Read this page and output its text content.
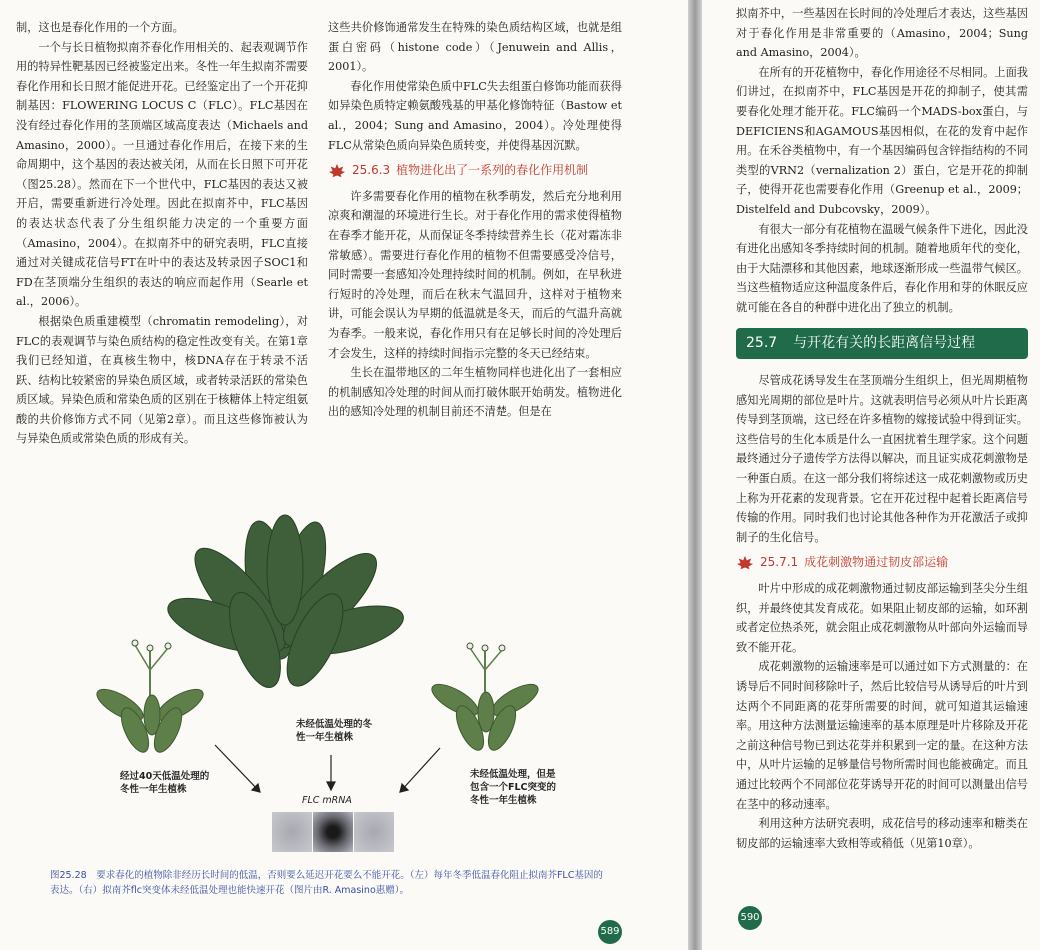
制，这也是春化作用的一个方面。

一个与长日植物拟南芥春化作用相关的、起表观调节作用的特异性靶基因已经被鉴定出来。冬性一年生拟南芥需要春化作用和长日照才能促进开花。已经鉴定出了一个开花抑制基因：FLOWERING LOCUS C（FLC）。FLC基因在没有经过春化作用的茎顶端区域高度表达（Michaels and Amasino，2000）。一旦通过春化作用后，在接下来的生命周期中，这个基因的表达被关闭，从而在长日照下可开花（图25.28）。然而在下一个世代中，FLC基因的表达又被开启，需要重新进行冷处理。因此在拟南芥中，FLC基因的表达状态代表了分生组织能力决定的一个重要方面（Amasino，2004）。在拟南芥中的研究表明，FLC直接通过对关键成花信号FT在叶中的表达及转录因子SOC1和FD在茎顶端分生组织的表达的响应而起作用（Searle et al.，2006）。

根据染色质重建模型（chromatin remodeling），对FLC的表观调节与染色质结构的稳定性改变有关。在第1章我们已经知道，在真核生物中，核DNA存在于转录不活跃、结构比较紧密的异染色质区域，或者转录活跃的常染色质区域。异染色质和常染色质的区别在于核糖体上特定组氨酸的共价修饰方式不同（见第2章）。而且这些修饰被认为与异染色质或常染色质的形成有关。

这些共价修饰通常发生在特殊的染色质结构区域，也就是组蛋白密码（histone code）（Jenuwein and Allis，2001）。

春化作用使常染色质中FLC失去组蛋白修饰功能而获得如异染色质特定赖氨酸残基的甲基化修饰特征（Bastow et al.，2004；Sung and Amasino，2004）。冷处理使得FLC从常染色质向异染色质转变，并使得基因沉默。

25.6.3 植物进化出了一系列的春化作用机制

许多需要春化作用的植物在秋季萌发，然后充分地利用凉爽和潮湿的环境进行生长。对于春化作用的需求使得植物在春季才能开花，从而保证冬季持续营养生长（花对霜冻非常敏感）。需要进行春化作用的植物不但需要感受冷信号，同时需要一套感知冷处理持续时间的机制。例如，在早秋进行短时的冷处理，而后在秋末气温回升，这样对于植物来讲，可能会误认为早期的低温就是冬天，而后的气温升高就为春季。一般来说，春化作用只有在足够长时间的冷处理后才会发生，这样的持续时间指示完整的冬天已经结束。

生长在温带地区的二年生植物同样也进化出了一套相应的机制感知冷处理的时间从而打破休眠开始萌发。植物进化出的感知冷处理的机制目前还不清楚。但是在

经过40天低温处理的冬性一年生植株
未经低温处理的冬性一年生植株
未经低温处理，但是包含一个FLC突变的冬性一年生植株
FLC mRNA
图25.28　要求春化的植物除非经历长时间的低温，否则要么延迟开花要么不能开花。（左）每年冬季低温春化阻止拟南芥FLC基因的表达。（右）拟南芥flc突变体未经低温处理也能快速开花（图片由R. Amasino惠赠）。
589

拟南芥中，一些基因在长时间的冷处理后才表达，这些基因对于春化作用是非常重要的（Amasino，2004；Sung and Amasino，2004）。

在所有的开花植物中，春化作用途径不尽相同。上面我们讲过，在拟南芥中，FLC基因是开花的抑制子，使其需要春化处理才能开花。FLC编码一个MADS-box蛋白，与DEFICIENS和AGAMOUS基因相似，在花的发育中起作用。在禾谷类植物中，有一个基因编码包含锌指结构的不同类型的VRN2（vernalization 2）蛋白，它是开花的抑制子，使得开花也需要春化作用（Greenup et al.，2009；Distelfeld and Dubcovsky，2009）。

有很大一部分有花植物在温暖气候条件下进化，因此没有进化出感知冬季持续时间的机制。随着地质年代的变化，由于大陆漂移和其他因素，地球逐渐形成一些温带气候区。当这些植物适应这种温度条件后，春化作用和芽的休眠反应就可能在各自的种群中进化出了独立的机制。

25.7 与开花有关的长距离信号过程

尽管成花诱导发生在茎顶端分生组织上，但光周期植物感知光周期的部位是叶片。这就表明信号必须从叶片长距离传导到茎顶端，这已经在许多植物的嫁接试验中得到证实。这些信号的生化本质是什么一直困扰着生理学家。这个问题最终通过分子遗传学方法得以解决，而且证实成花刺激物是一种蛋白质。在这一部分我们将综述这一成花刺激物或历史上称为开花素的发现背景。它在开花过程中起着长距离信号传输的作用。同时我们也讨论其他各种作为开花激活子或抑制子的生化信号。

25.7.1 成花刺激物通过韧皮部运输

叶片中形成的成花刺激物通过韧皮部运输到茎尖分生组织，并最终使其发育成花。如果阻止韧皮部的运输，如环割或者定位热杀死，就会阻止成花刺激物从叶部向外运输而导致不能开花。

成花刺激物的运输速率是可以通过如下方式测量的：在诱导后不同时间移除叶子，然后比较信号从诱导后的叶片到达两个不同距离的花芽所需要的时间，就可知道其运输速率。用这种方法测量运输速率的基本原理是叶片移除及开花之前这种信号物已到达花芽并积累到一定的量。在这种方法中，从叶片运输的足够量信号物所需时间也能被确定。而且通过比较两个不同部位花芽诱导开花的时间可以测量出信号在茎中的移动速率。

利用这种方法研究表明，成花信号的移动速率和糖类在韧皮部的运输速率大致相等或稍低（见第10章）。

590
